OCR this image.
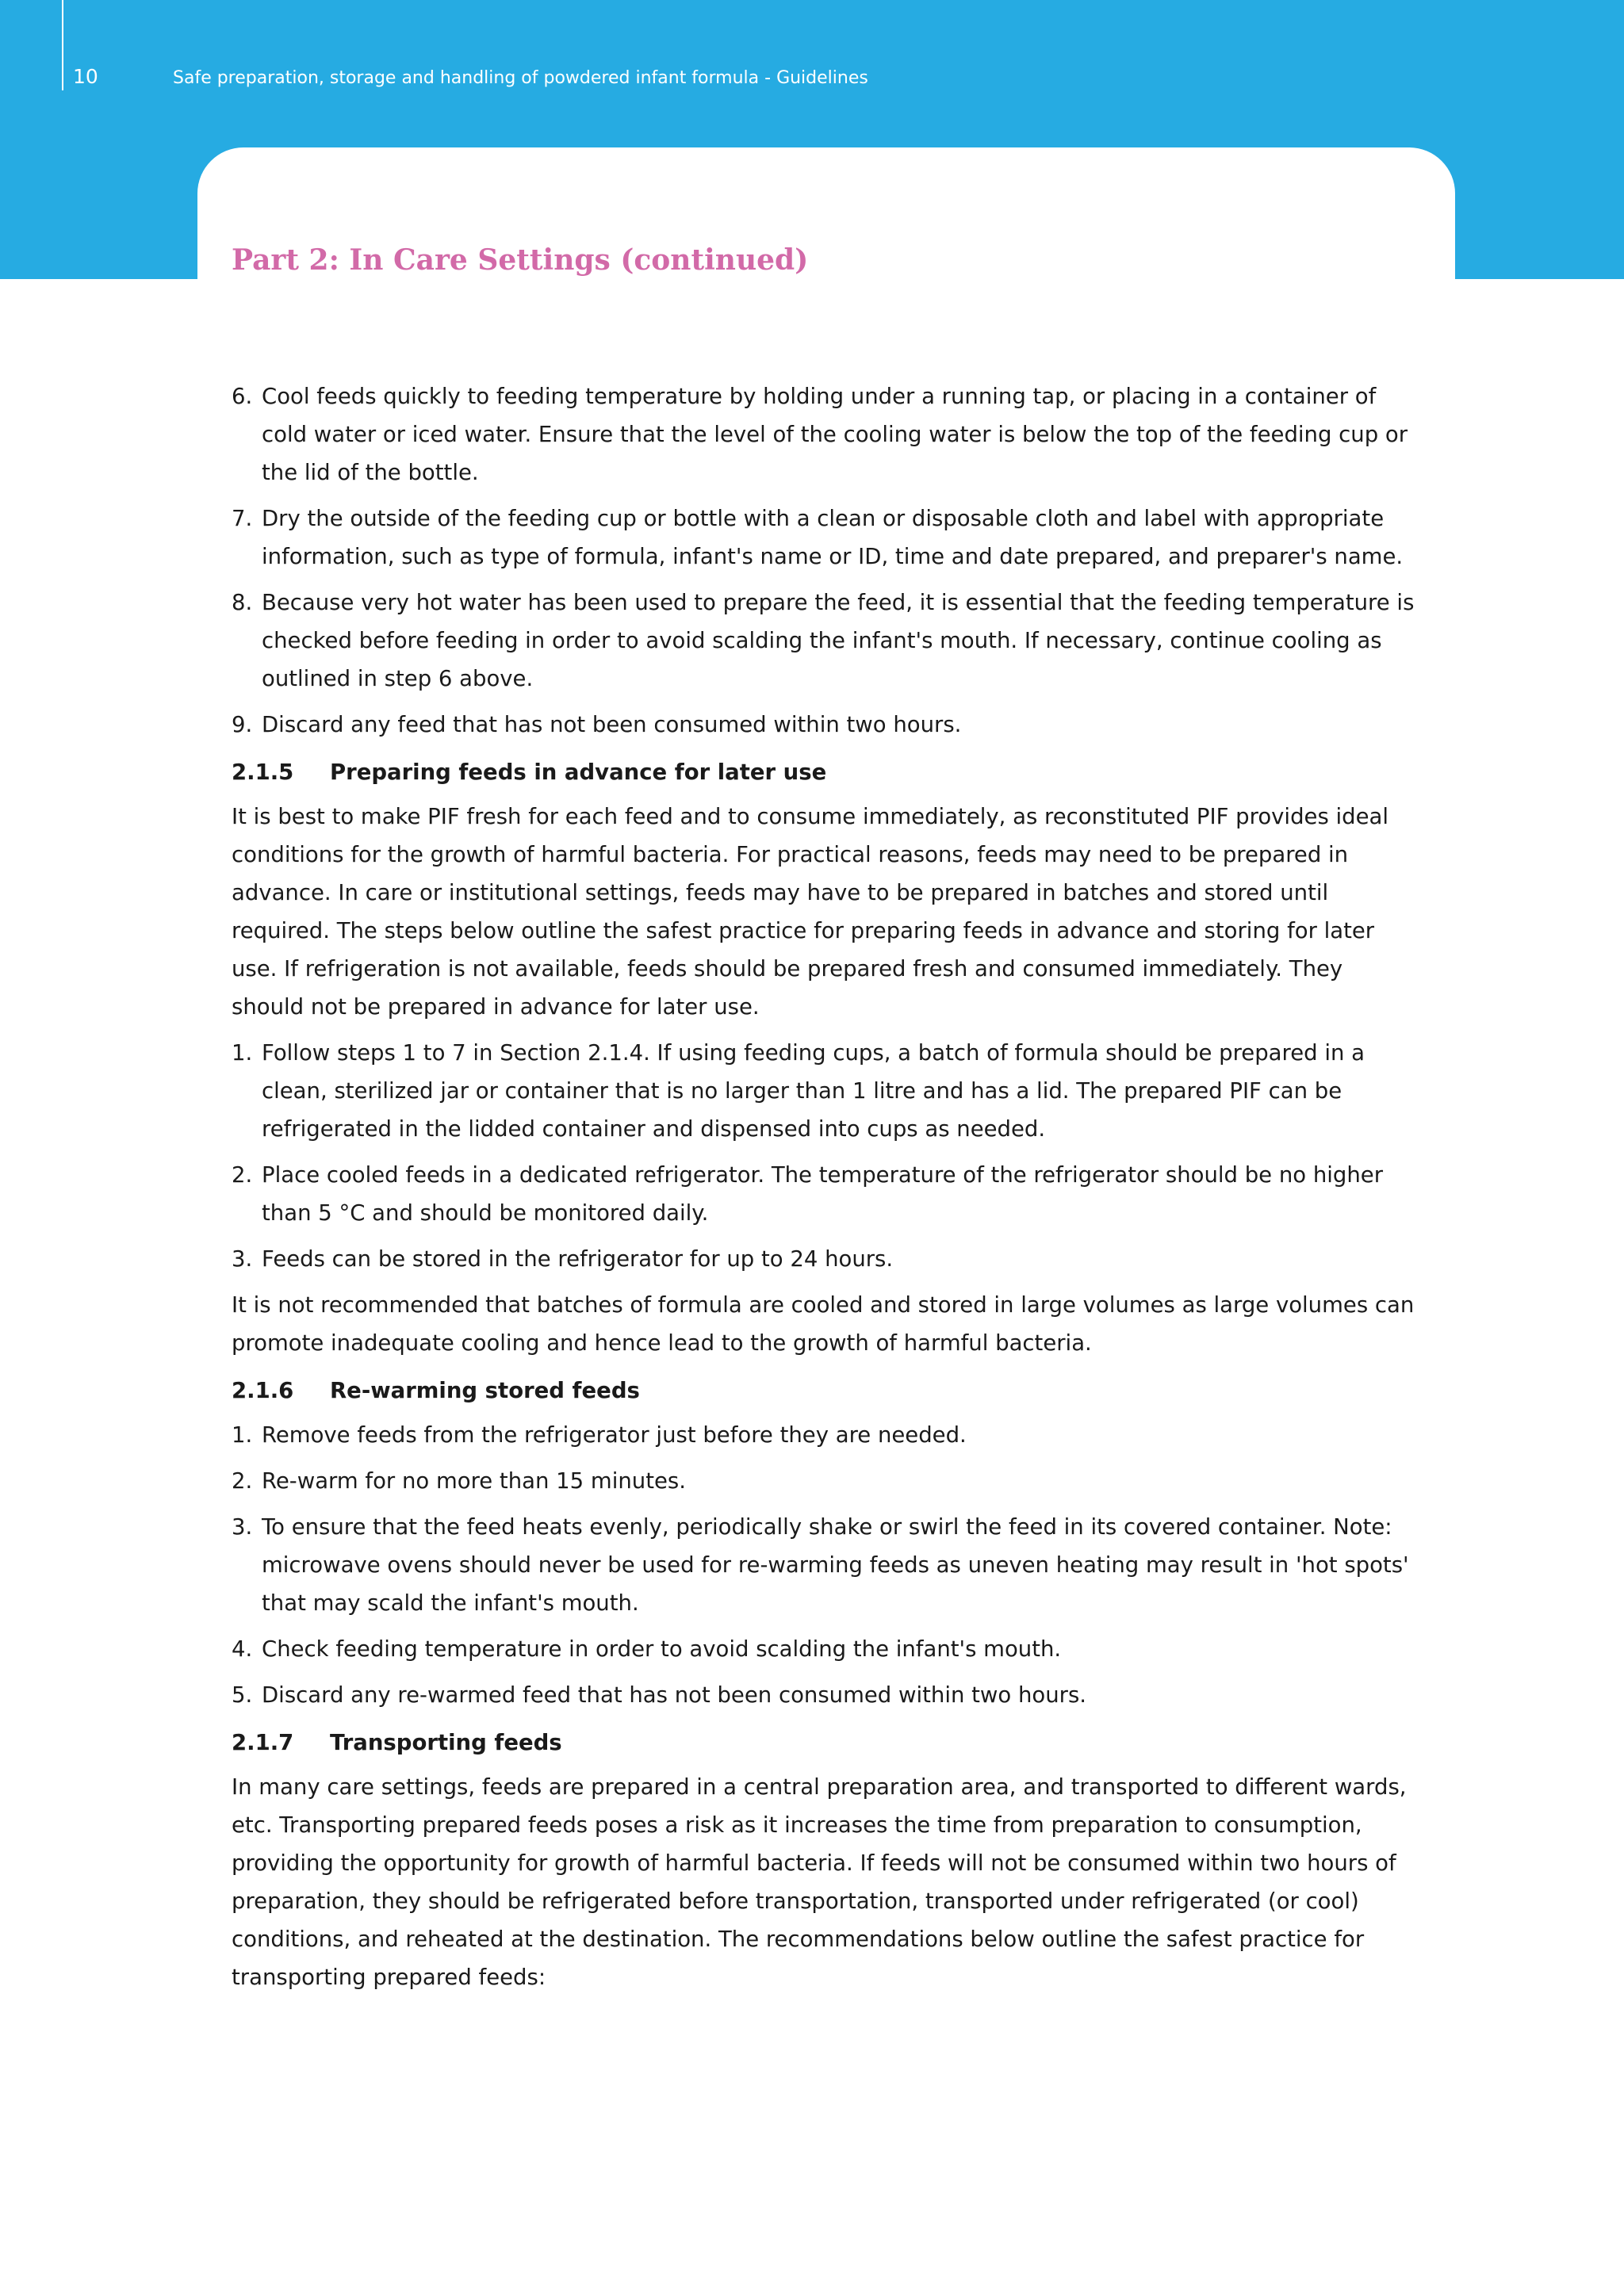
10	Safe preparation, storage and handling of powdered infant formula - Guidelines
Part 2: In Care Settings (continued)
6. Cool feeds quickly to feeding temperature by holding under a running tap, or placing in a container of cold water or iced water. Ensure that the level of the cooling water is below the top of the feeding cup or the lid of the bottle.
7. Dry the outside of the feeding cup or bottle with a clean or disposable cloth and label with appropriate information, such as type of formula, infant's name or ID, time and date prepared, and preparer's name.
8. Because very hot water has been used to prepare the feed, it is essential that the feeding temperature is checked before feeding in order to avoid scalding the infant's mouth. If necessary, continue cooling as outlined in step 6 above.
9. Discard any feed that has not been consumed within two hours.
2.1.5 Preparing feeds in advance for later use

It is best to make PIF fresh for each feed and to consume immediately, as reconstituted PIF provides ideal conditions for the growth of harmful bacteria. For practical reasons, feeds may need to be prepared in advance. In care or institutional settings, feeds may have to be prepared in batches and stored until required. The steps below outline the safest practice for preparing feeds in advance and storing for later use. If refrigeration is not available, feeds should be prepared fresh and consumed immediately. They should not be prepared in advance for later use.

1. Follow steps 1 to 7 in Section 2.1.4. If using feeding cups, a batch of formula should be prepared in a clean, sterilized jar or container that is no larger than 1 litre and has a lid. The prepared PIF can be refrigerated in the lidded container and dispensed into cups as needed.
2. Place cooled feeds in a dedicated refrigerator. The temperature of the refrigerator should be no higher than 5 °C and should be monitored daily.
3. Feeds can be stored in the refrigerator for up to 24 hours.

It is not recommended that batches of formula are cooled and stored in large volumes as large volumes can promote inadequate cooling and hence lead to the growth of harmful bacteria.

2.1.6 Re-warming stored feeds
1. Remove feeds from the refrigerator just before they are needed.
2. Re-warm for no more than 15 minutes.
3. To ensure that the feed heats evenly, periodically shake or swirl the feed in its covered container. Note: microwave ovens should never be used for re-warming feeds as uneven heating may result in 'hot spots' that may scald the infant's mouth.
4. Check feeding temperature in order to avoid scalding the infant's mouth.
5. Discard any re-warmed feed that has not been consumed within two hours.
2.1.7 Transporting feeds

In many care settings, feeds are prepared in a central preparation area, and transported to different wards, etc. Transporting prepared feeds poses a risk as it increases the time from preparation to consumption, providing the opportunity for growth of harmful bacteria. If feeds will not be consumed within two hours of preparation, they should be refrigerated before transportation, transported under refrigerated (or cool) conditions, and reheated at the destination. The recommendations below outline the safest practice for transporting prepared feeds:
